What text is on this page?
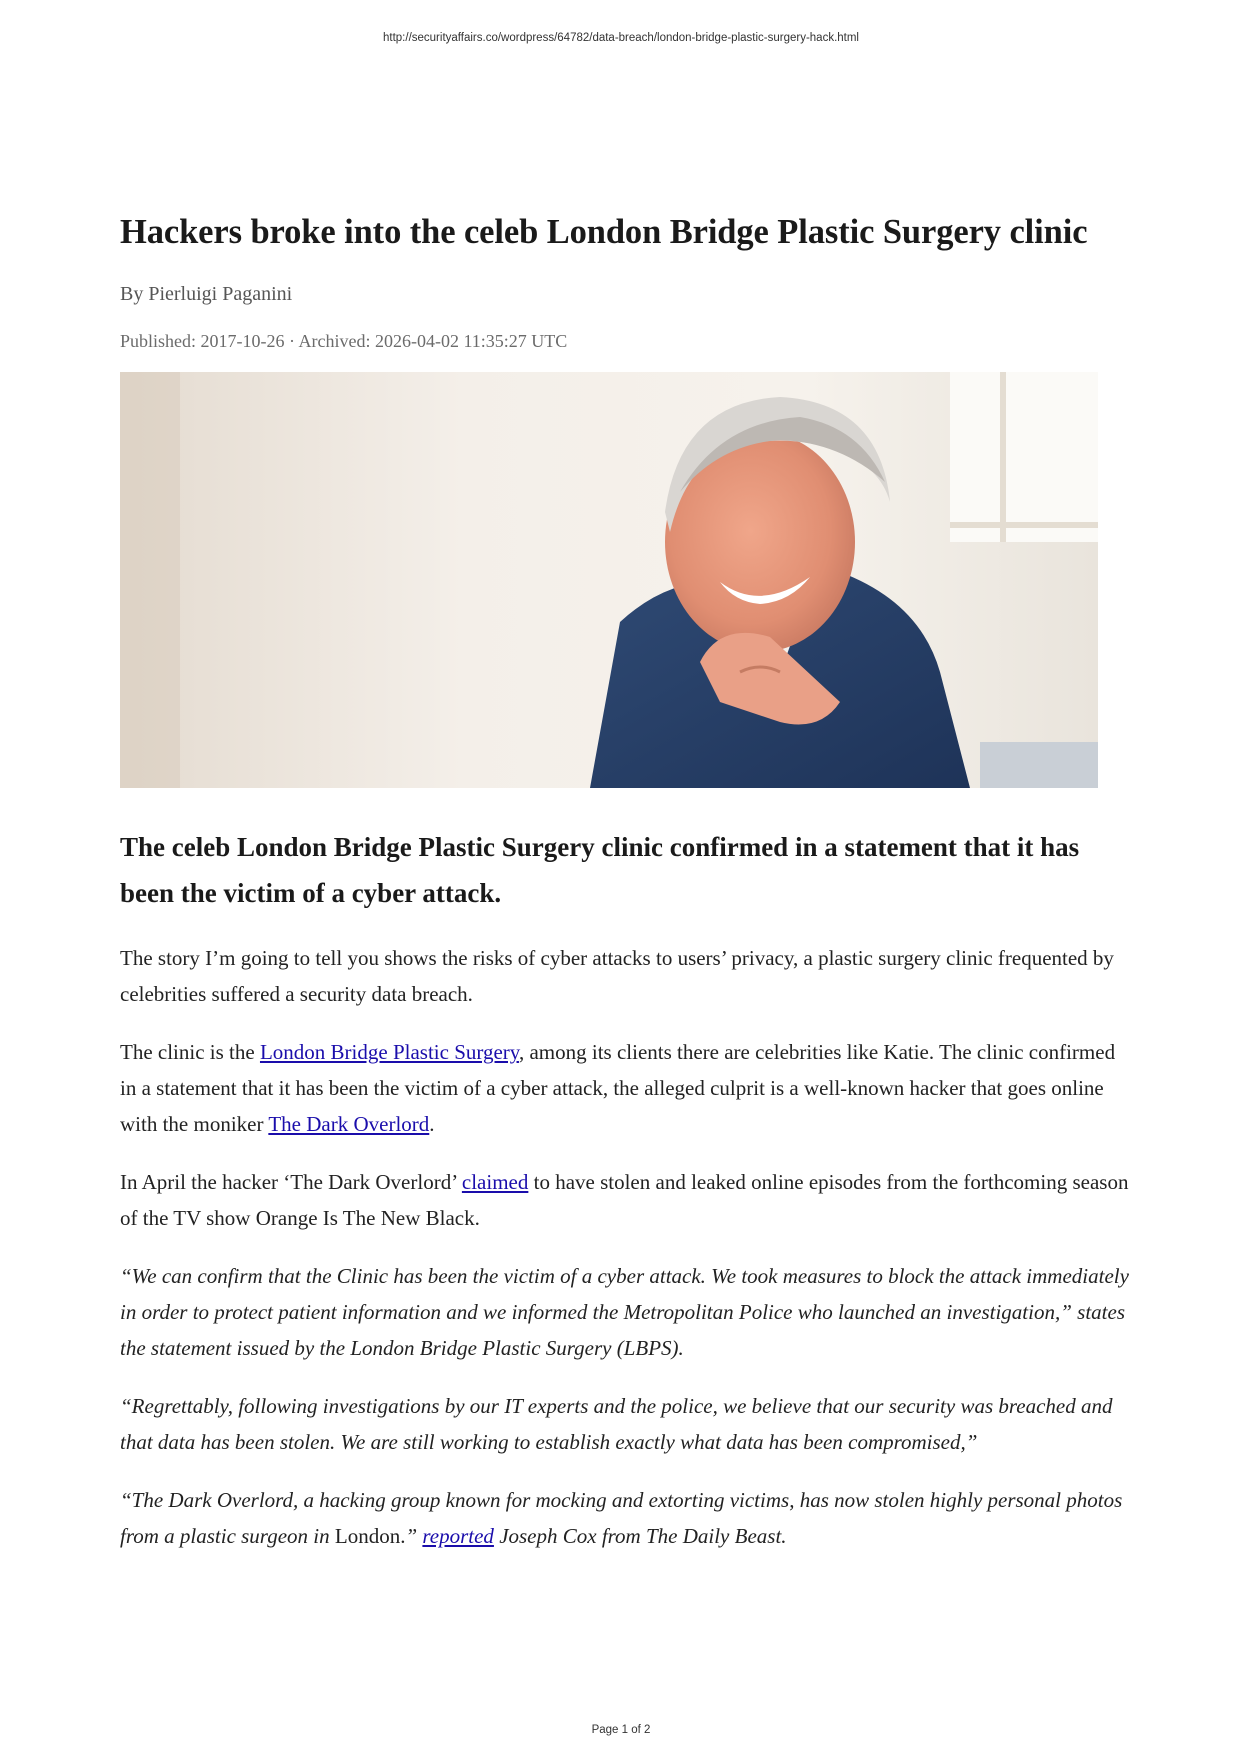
http://securityaffairs.co/wordpress/64782/data-breach/london-bridge-plastic-surgery-hack.html
Hackers broke into the celeb London Bridge Plastic Surgery clinic
By Pierluigi Paganini
Published: 2017-10-26 · Archived: 2026-04-02 11:35:27 UTC
The celeb London Bridge Plastic Surgery clinic confirmed in a statement that it has been the victim of a cyber attack.

The story I’m going to tell you shows the risks of cyber attacks to users’ privacy, a plastic surgery clinic frequented by celebrities suffered a security data breach.

The clinic is the London Bridge Plastic Surgery, among its clients there are celebrities like Katie. The clinic confirmed in a statement that it has been the victim of a cyber attack, the alleged culprit is a well-known hacker that goes online with the moniker The Dark Overlord.

In April the hacker ‘The Dark Overlord’ claimed to have stolen and leaked online episodes from the forthcoming season of the TV show Orange Is The New Black.

“We can confirm that the Clinic has been the victim of a cyber attack. We took measures to block the attack immediately in order to protect patient information and we informed the Metropolitan Police who launched an investigation,” states the statement issued by the London Bridge Plastic Surgery (LBPS).

“Regrettably, following investigations by our IT experts and the police, we believe that our security was breached and that data has been stolen. We are still working to establish exactly what data has been compromised,”

“The Dark Overlord, a hacking group known for mocking and extorting victims, has now stolen highly personal photos from a plastic surgeon in London.” reported Joseph Cox from The Daily Beast.

Page 1 of 2
